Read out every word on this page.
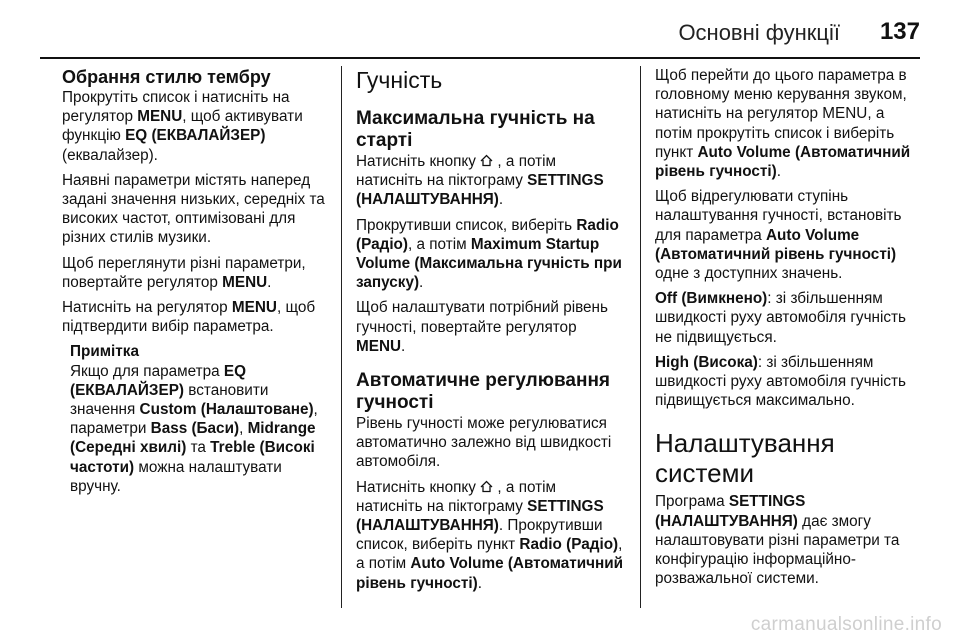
Основні функції 137
Обрання стилю тембру

Прокрутіть список і натисніть на регулятор MENU, щоб активувати функцію EQ (ЕКВАЛАЙЗЕР) (еквалайзер).

Наявні параметри містять наперед задані значення низьких, середніх та високих частот, оптимізовані для різних стилів музики.

Щоб переглянути різні параметри, повертайте регулятор MENU.

Натисніть на регулятор MENU, щоб підтвердити вибір параметра.

Примітка

Якщо для параметра EQ (ЕКВАЛАЙЗЕР) встановити значення Custom (Налаштоване), параметри Bass (Баси), Midrange (Середні хвилі) та Treble (Високі частоти) можна налаштувати вручну.

Гучність
Максимальна гучність на старті

Натисніть кнопку
, а потім натисніть на піктограму SETTINGS (НАЛАШТУВАННЯ).

Прокрутивши список, виберіть Radio (Радіо), а потім Maximum Startup Volume (Максимальна гучність при запуску).

Щоб налаштувати потрібний рівень гучності, повертайте регулятор MENU.

Автоматичне регулювання гучності

Рівень гучності може регулюватися автоматично залежно від швидкості автомобіля.

Натисніть кнопку
, а потім натисніть на піктограму SETTINGS (НАЛАШТУВАННЯ). Прокрутивши список, виберіть пункт Radio (Радіо), а потім Auto Volume (Автоматичний рівень гучності).

Щоб перейти до цього параметра в головному меню керування звуком, натисніть на регулятор MENU, а потім прокрутіть список і виберіть пункт Auto Volume (Автоматичний рівень гучності).

Щоб відрегулювати ступінь налаштування гучності, встановіть для параметра Auto Volume (Автоматичний рівень гучності) одне з доступних значень.

Off (Вимкнено): зі збільшенням швидкості руху автомобіля гучність не підвищується.

High (Висока): зі збільшенням швидкості руху автомобіля гучність підвищується максимально.

Налаштування системи

Програма SETTINGS (НАЛАШТУВАННЯ) дає змогу налаштовувати різні параметри та конфігурацію інформаційно-розважальної системи.

carmanualsonline.info
